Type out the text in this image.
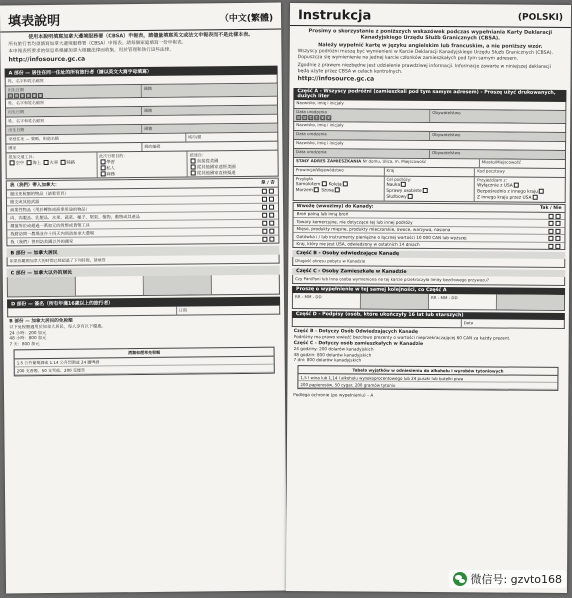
填表說明	（中文(繁體)

使用本說明填寫加拿大邊境服務署（CBSA）申報表，請儘量填寫英文或法文申報表而不是此樣本表。

所有旅行者均須填寫加拿大邊境服務署（CBSA）申報表。請每個家庭填寫一份申報表。

本申報表所要求的信息系根據加拿大相關法律而收集，用於管理和執行這些法律。

http://infosource.gc.ca

A 部份 — 居住在同一住址的所有旅行者（請以英文大寫字母填寫）
姓、名字和姓名縮寫
出生日期
年 年 月 月 日 日
國籍
姓、名字和姓名縮寫
出生日期	國籍
姓、名字和姓名縮寫
出生日期	國籍
家庭住址 — 號碼、街道名稱	城市/鎮
國家	郵政編碼
抵加交通工具：
空中 海上 火車 陸路
此次行程目的：
學習
私人
商務
抵達自：
直接從美國
從其他國家途經美國
從其他國家直接抵達
我（我們）帶入加拿大：	是 / 否
超出免稅額的物品（請看背頁）
槍支或其他武器
商業性物品（用於轉售或商業用途的物品）
肉、肉製品、乳製品、水果、蔬菜、種子、堅果、植物、動物或其產品
價值等於或超過一萬加元的貨幣或貨幣工具
我將訪問一農場並在十四天內到訪加拿大農場
我（我們）曾到訪美國以外的國家
B 部份 — 加拿大居民
如果你離開加拿大的時間已經超過了下列時間，請填寫
C 部份 — 加拿大以外的居民
D 部份 — 簽名（所有年滿16歲以上的旅行者）
日期
B 部份 — 加拿大居民的免稅額
以下免稅額適用於加拿大居民，每人享有以下優惠。
24 小時：200 加元
48 小時：800 加元
7 天：800 加元
酒類和煙草免稅額
1.5 公升葡萄酒或 1.14 公升烈酒或 24 罐啤酒
200 支香煙、50 支雪茄、200 克煙草
Instrukcja	(POLSKI)

Prosimy o skorzystanie z poniższych wskazówek podczas wypełniania Karty Deklaracji Kanadyjskiego Urzędu Służb Granicznych (CBSA).

Należy wypełnić kartę w języku angielskim lub francuskim, a nie poniższy wzór.

Wszyscy podróżni muszą być wymienieni w Karcie Deklaracji Kanadyjskiego Urzędu Służb Granicznych (CBSA). Dopuszcza się wymienienie na jednej karcie członków zamieszkałych pod tym samym adresem.

Zgodnie z prawem niezbędne jest udzielenie prawdziwej informacji. Informacje zawarte w niniejszej deklaracji będą użyte przez CBSA w celach kontrolnych.

http://infosource.gc.ca

Część A - Wszyscy podróżni (zamieszkali pod tym samym adresem) - Proszę użyć drukowanych, dużych liter
Nazwisko, imię i inicjały
Data urodzenia
R	R M M D D
Obywatelstwo
Nazwisko, imię i inicjały
Data urodzenia	Obywatelstwo
Nazwisko, imię i inicjały
Data urodzenia	Obywatelstwo
STAŁY ADRES ZAMIESZKANIA Nr domu, Ulica, m. Miejscowość	Miasto/Miejscowość
Prowincja/Województwo	Kraj	Kod pocztowy
Przybyła
Samolotem Koleją
Morzem Szosą
Cel podróży:
Nauka
Sprawy osobiste
Służbowy
Przyjeżdżam z:
Wyłącznie z USA
Bezpośrednio z innego kraju
Z innego kraju przez USA
Wwożę (wwozimy) do Kanady:	Tak / Nie
Broń palną lub inną broń
Towary komercyjne, nie dotyczące tej lub innej podróży
Mięso, produkty mięsne, produkty mleczarskie, owoce, warzywa, nasiona
Gotówka i / lub instrumenty pieniężne o łącznej wartości 10 000 CAN lub wyższej
Kraj, który nie jest USA, odwiedzony w ostatnich 14 dniach
Część B - Osoby odwiedzające Kanadę
Długość okresu pobytu w Kanadzie
Część C - Osoby Zamieszkałe w Kanadzie
Czy Pan/Pani lub Inna osoba wymieniona na tej karcie przekroczyła limity bezcłowego przywozu?
Proszę o wypełnienie w tej samej kolejności, co Część A
RR - MM - DD	RR - MM - DD
Część D - Podpisy (osób, które ukończyły 16 lat lub starszych)
Data
Część B - Dotyczy Osób Odwiedzających Kanadę
Podróżny ma prawo wwieźć bezcłowo prezenty o wartości nieprzekraczającej 60 CAN za każdy prezent.
Część C - Dotyczy osób zamieszkałych w Kanadzie
24 godziny: 200 dolarów kanadyjskich
48 godzin: 800 dolarów kanadyjskich
7 dni: 800 dolarów kanadyjskich
Tabela wyjątków w odniesieniu do alkoholu i wyrobów tytoniowych
1,5 l wina lub 1,14 l alkoholu wysokoprocentowego lub 24 puszki lub butelki piwa
200 papierosów, 50 cygar, 200 gramów tytoniu
Podlega ochronie (po wypełnieniu) – A
微信号: gzvto168
